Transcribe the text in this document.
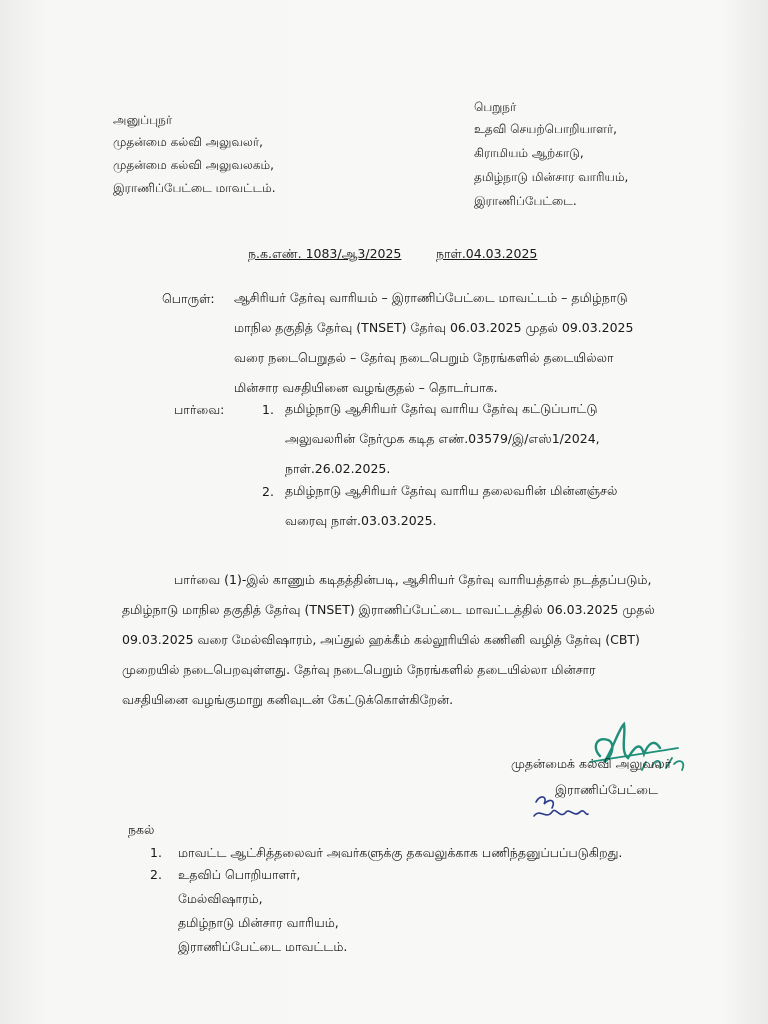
அனுப்புநர்
முதன்மை கல்வி அலுவலர்,
முதன்மை கல்வி அலுவலகம்,
இராணிப்பேட்டை மாவட்டம்.
பெறுநர்
உதவி செயற்பொறியாளர்,
கிராமியம் ஆற்காடு,
தமிழ்நாடு மின்சார வாரியம்,
இராணிப்பேட்டை.
ந.க.எண். 1083/ஆ3/2025	நாள்.04.03.2025
பொருள்: ஆசிரியர் தேர்வு வாரியம் – இராணிப்பேட்டை மாவட்டம் – தமிழ்நாடு
மாநில தகுதித் தேர்வு (TNSET) தேர்வு 06.03.2025 முதல் 09.03.2025
வரை நடைபெறுதல் – தேர்வு நடைபெறும் நேரங்களில் தடையில்லா
மின்சார வசதியினை வழங்குதல் – தொடர்பாக.
பார்வை:	1. தமிழ்நாடு ஆசிரியர் தேர்வு வாரிய தேர்வு கட்டுப்பாட்டு
அலுவலரின் நேர்முக கடித எண்.03579/இ/எஸ்1/2024,
நாள்.26.02.2025.
2. தமிழ்நாடு ஆசிரியர் தேர்வு வாரிய தலைவரின் மின்னஞ்சல்
வரைவு நாள்.03.03.2025.
பார்வை (1)-இல் காணும் கடிதத்தின்படி, ஆசிரியர் தேர்வு வாரியத்தால் நடத்தப்படும்,
தமிழ்நாடு மாநில தகுதித் தேர்வு (TNSET) இராணிப்பேட்டை மாவட்டத்தில் 06.03.2025 முதல்
09.03.2025 வரை மேல்விஷாரம், அப்துல் ஹக்கீம் கல்லூரியில் கணினி வழித் தேர்வு (CBT)
முறையில் நடைபெறவுள்ளது. தேர்வு நடைபெறும் நேரங்களில் தடையில்லா மின்சார
வசதியினை வழங்குமாறு கனிவுடன் கேட்டுக்கொள்கிறேன்.
முதன்மைக் கல்வி அலுவலர்
இராணிப்பேட்டை
நகல்
1. மாவட்ட ஆட்சித்தலைவர் அவர்களுக்கு தகவலுக்காக பணிந்தனுப்பப்படுகிறது.
2. உதவிப் பொறியாளர்,
மேல்விஷாரம்,
தமிழ்நாடு மின்சார வாரியம்,
இராணிப்பேட்டை மாவட்டம்.
